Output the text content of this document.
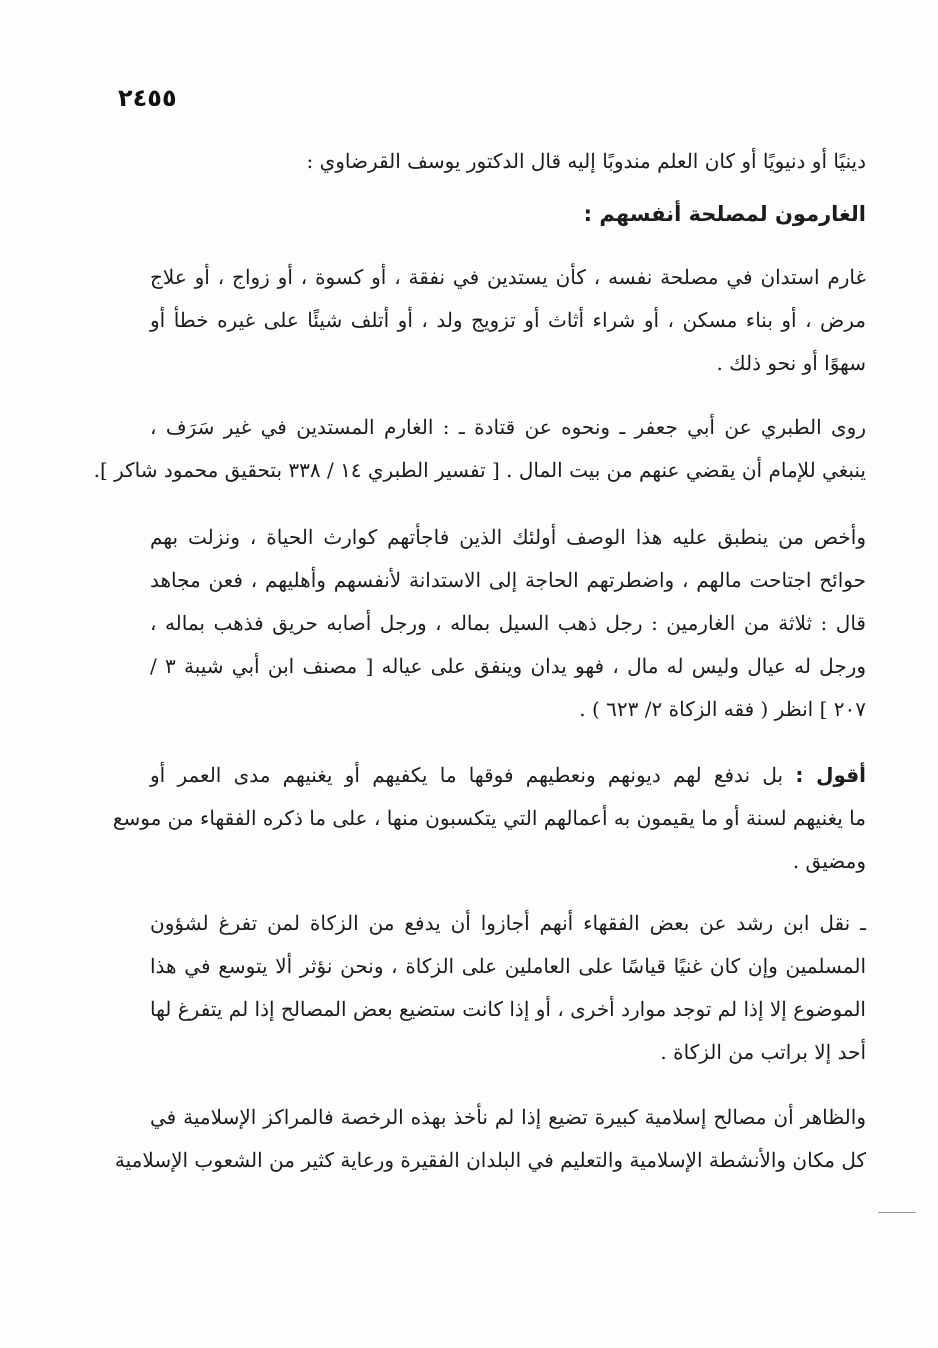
٢٤٥٥
دينيًا أو دنيويًا أو كان العلم مندوبًا إليه قال الدكتور يوسف القرضاوي :
الغارمون لمصلحة أنفسهم :
غارم استدان في مصلحة نفسه ، كأن يستدين في نفقة ، أو كسوة ، أو زواج ، أو علاج
مرض ، أو بناء مسكن ، أو شراء أثاث أو تزويج ولد ، أو أتلف شيئًا على غيره خطأ أو
سهوًا أو نحو ذلك .
روى الطبري عن أبي جعفر ـ ونحوه عن قتادة ـ : الغارم المستدين في غير سَرَف ،
ينبغي للإمام أن يقضي عنهم من بيت المال . [ تفسير الطبري ١٤ / ٣٣٨ بتحقيق محمود شاكر ].
وأخص من ينطبق عليه هذا الوصف أولئك الذين فاجأتهم كوارث الحياة ، ونزلت بهم
حوائح اجتاحت مالهم ، واضطرتهم الحاجة إلى الاستدانة لأنفسهم وأهليهم ، فعن مجاهد
قال : ثلاثة من الغارمين : رجل ذهب السيل بماله ، ورجل أصابه حريق فذهب بماله ،
ورجل له عيال وليس له مال ، فهو يدان وينفق على عياله [ مصنف ابن أبي شيبة ٣ /
٢٠٧ ] انظر ( فقه الزكاة ٢/ ٦٢٣ ) .
أقول : بل ندفع لهم ديونهم ونعطيهم فوقها ما يكفيهم أو يغنيهم مدى العمر أو
ما يغنيهم لسنة أو ما يقيمون به أعمالهم التي يتكسبون منها ، على ما ذكره الفقهاء من موسع
ومضيق .
ـ نقل ابن رشد عن بعض الفقهاء أنهم أجازوا أن يدفع من الزكاة لمن تفرغ لشؤون
المسلمين وإن كان غنيًا قياسًا على العاملين على الزكاة ، ونحن نؤثر ألا يتوسع في هذا
الموضوع إلا إذا لم توجد موارد أخرى ، أو إذا كانت ستضيع بعض المصالح إذا لم يتفرغ لها
أحد إلا براتب من الزكاة .
والظاهر أن مصالح إسلامية كبيرة تضيع إذا لم نأخذ بهذه الرخصة فالمراكز الإسلامية في
كل مكان والأنشطة الإسلامية والتعليم في البلدان الفقيرة ورعاية كثير من الشعوب الإسلامية
